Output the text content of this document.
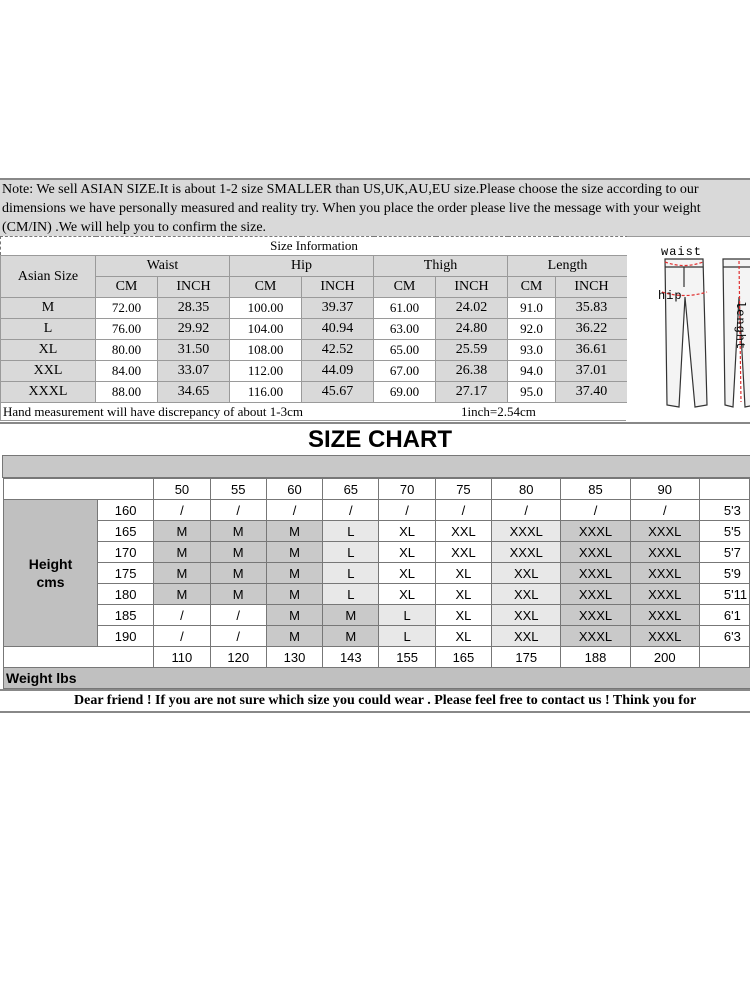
Note: We sell ASIAN SIZE.It is about 1-2 size SMALLER than US,UK,AU,EU size.Please choose the size according to our

dimensions we have personally measured and reality try. When you place the order please live the message with your weight

(CM/IN) .We will help you to confirm the size.

Size Information								
Asian Size	Waist		Hip		Thigh		Length	
	CM	INCH	CM	INCH	CM	INCH	CM	INCH
M	72.00	28.35	100.00	39.37	61.00	24.02	91.0	35.83
L	76.00	29.92	104.00	40.94	63.00	24.80	92.0	36.22
XL	80.00	31.50	108.00	42.52	65.00	25.59	93.0	36.61
XXL	84.00	33.07	112.00	44.09	67.00	26.38	94.0	37.01
XXXL	88.00	34.65	116.00	45.67	69.00	27.17	95.0	37.40
Hand measurement will have discrepancy of about 1-3cm	1inch=2.54cm
waist
hip
lenght
SIZE CHART
		50	55	60	65	70	75	80	85	90	

Height
cms	160	/	/	/	/	/	/	/	/	/	5'3
	165	M	M	M	L	XL	XXL	XXXL	XXXL	XXXL	5'5
	170	M	M	M	L	XL	XXL	XXXL	XXXL	XXXL	5'7
	175	M	M	M	L	XL	XL	XXL	XXXL	XXXL	5'9
	180	M	M	M	L	XL	XL	XXL	XXXL	XXXL	5'11
	185	/	/	M	M	L	XL	XXL	XXXL	XXXL	6'1
	190	/	/	M	M	L	XL	XXL	XXXL	XXXL	6'3
		110	120	130	143	155	165	175	188	200	
Weight lbs
Dear friend ! If you are not sure which size you could wear . Please feel free to contact us ! Think you for
